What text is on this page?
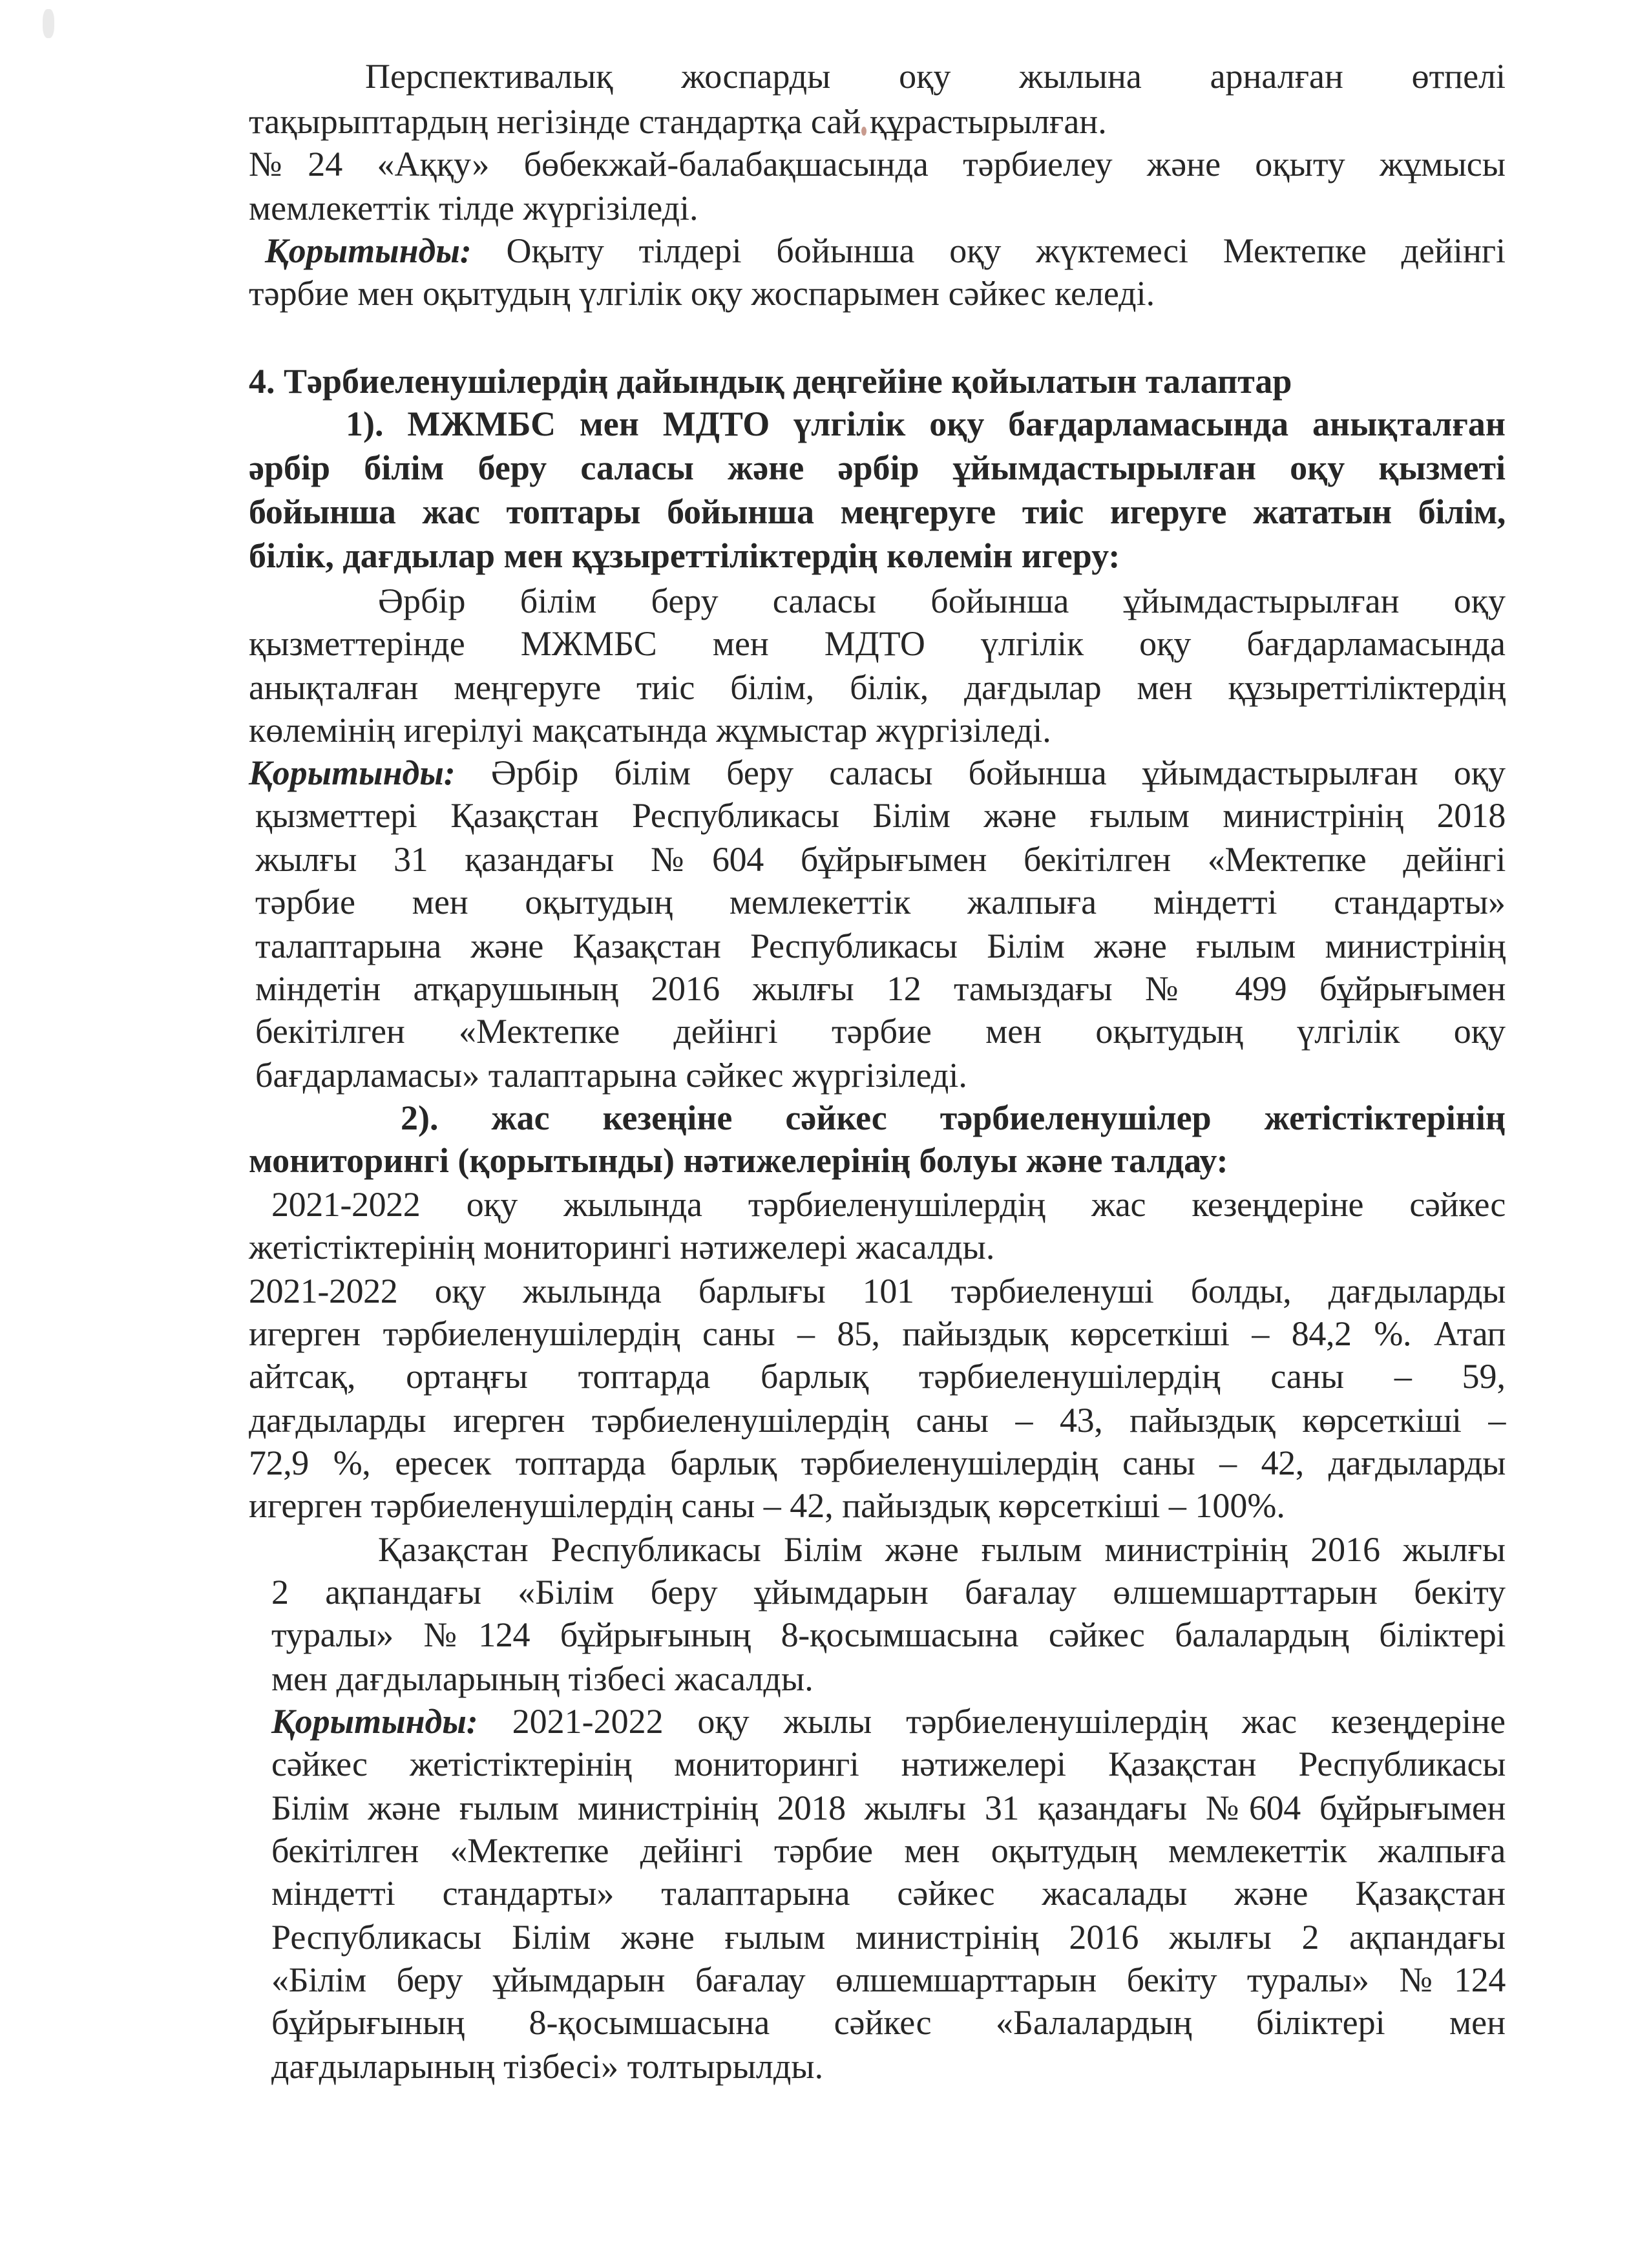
Перспективалық жоспарды оқу жылына арналған өтпелі
тақырыптардың негізінде стандартқа сай құрастырылған.
№24 «Аққу» бөбекжай-балабақшасында тәрбиелеу және оқыту жұмысы
мемлекеттік тілде жүргізіледі.
Қорытынды: Оқыту тілдері бойынша оқу жүктемесі Мектепке дейінгі
тәрбие мен оқытудың үлгілік оқу жоспарымен сәйкес келеді.
4. Тәрбиеленушілердің дайындық деңгейіне қойылатын талаптар
1). МЖМБС мен МДТО үлгілік оқу бағдарламасында анықталған
әрбір білім беру саласы және әрбір ұйымдастырылған оқу қызметі
бойынша жас топтары бойынша меңгеруге тиіс игеруге жататын білім,
білік, дағдылар мен құзыреттіліктердің көлемін игеру:
Әрбір білім беру саласы бойынша ұйымдастырылған оқу
қызметтерінде МЖМБС мен МДТО үлгілік оқу бағдарламасында
анықталған меңгеруге тиіс білім, білік, дағдылар мен құзыреттіліктердің
көлемінің игерілуі мақсатында жұмыстар жүргізіледі.
Қорытынды: Әрбір білім беру саласы бойынша ұйымдастырылған оқу
қызметтері Қазақстан Республикасы Білім және ғылым министрінің 2018
жылғы 31 қазандағы №604 бұйрығымен бекітілген «Мектепке дейінгі
тәрбие мен оқытудың мемлекеттік жалпыға міндетті стандарты»
талаптарына және Қазақстан Республикасы Білім және ғылым министрінің
міндетін атқарушының 2016 жылғы 12 тамыздағы № 499 бұйрығымен
бекітілген «Мектепке дейінгі тәрбие мен оқытудың үлгілік оқу
бағдарламасы» талаптарына сәйкес жүргізіледі.
2). жас кезеңіне сәйкес тәрбиеленушілер жетістіктерінің
мониторингі (қорытынды) нәтижелерінің болуы және талдау:
2021-2022 оқу жылында тәрбиеленушілердің жас кезеңдеріне сәйкес
жетістіктерінің мониторингі нәтижелері жасалды.
2021-2022 оқу жылында барлығы 101 тәрбиеленуші болды, дағдыларды
игерген тәрбиеленушілердің саны – 85, пайыздық көрсеткіші – 84,2 %. Атап
айтсақ, ортаңғы топтарда барлық тәрбиеленушілердің саны – 59,
дағдыларды игерген тәрбиеленушілердің саны – 43, пайыздық көрсеткіші –
72,9 %, ересек топтарда барлық тәрбиеленушілердің саны – 42, дағдыларды
игерген тәрбиеленушілердің саны – 42, пайыздық көрсеткіші – 100%.
Қазақстан Республикасы Білім және ғылым министрінің 2016 жылғы
2 ақпандағы «Білім беру ұйымдарын бағалау өлшемшарттарын бекіту
туралы» №124 бұйрығының 8-қосымшасына сәйкес балалардың біліктері
мен дағдыларының тізбесі жасалды.
Қорытынды: 2021-2022 оқу жылы тәрбиеленушілердің жас кезеңдеріне
сәйкес жетістіктерінің мониторингі нәтижелері Қазақстан Республикасы
Білім және ғылым министрінің 2018 жылғы 31 қазандағы №604 бұйрығымен
бекітілген «Мектепке дейінгі тәрбие мен оқытудың мемлекеттік жалпыға
міндетті стандарты» талаптарына сәйкес жасалады және Қазақстан
Республикасы Білім және ғылым министрінің 2016 жылғы 2 ақпандағы
«Білім беру ұйымдарын бағалау өлшемшарттарын бекіту туралы» №124
бұйрығының 8-қосымшасына сәйкес «Балалардың біліктері мен
дағдыларының тізбесі» толтырылды.
